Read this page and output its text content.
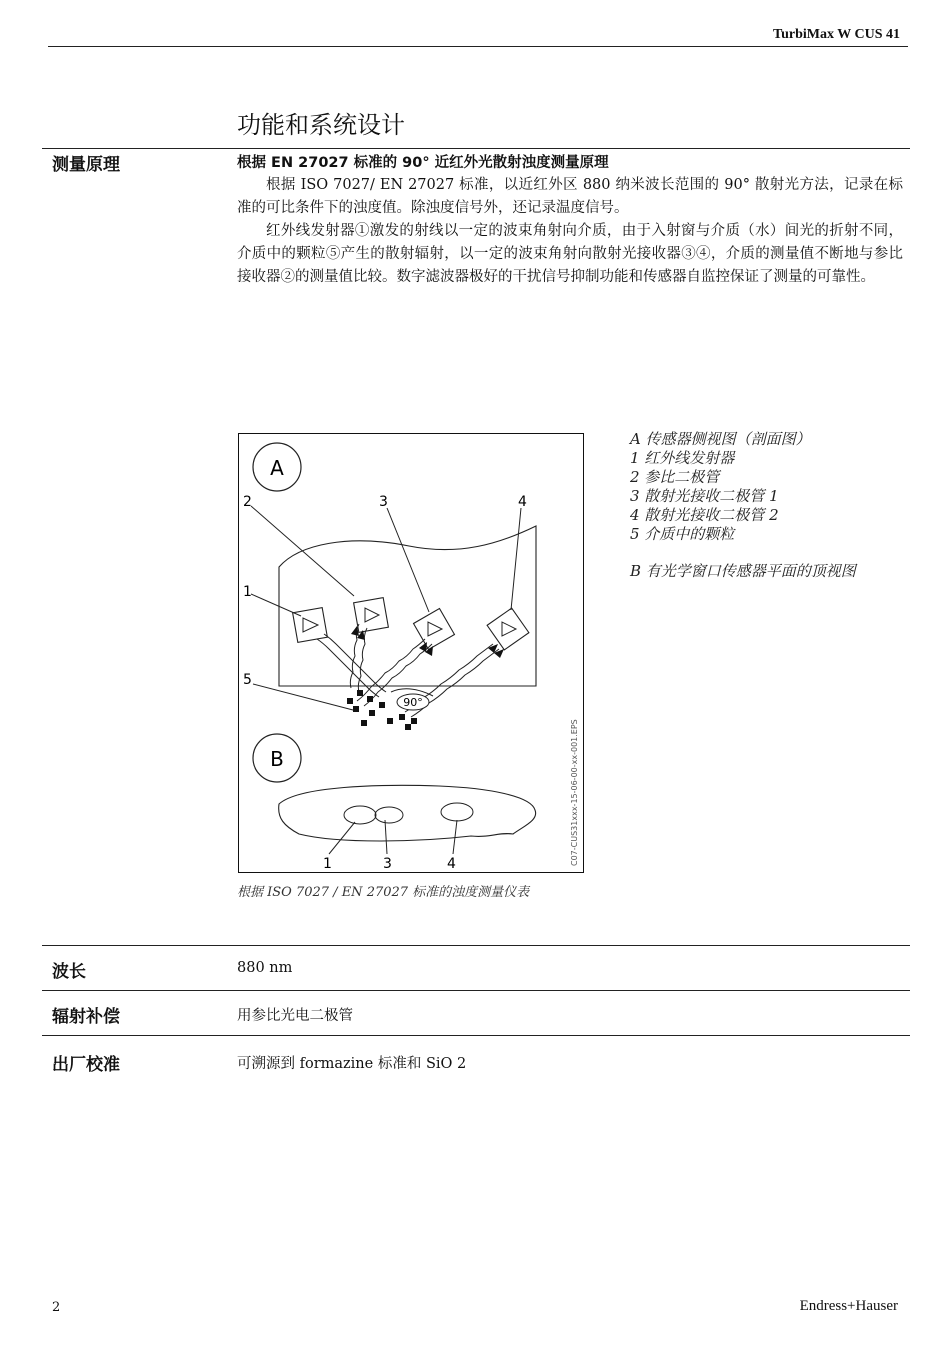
TurbiMax W CUS 41
功能和系统设计
测量原理	根据 EN 27027 标准的 90° 近红外光散射浊度测量原理

根据 ISO 7027/ EN 27027 标准，以近红外区 880 纳米波长范围的 90° 散射光方法，记录在标准的可比条件下的浊度值。除浊度信号外，还记录温度信号。

红外线发射器①激发的射线以一定的波束角射向介质，由于入射窗与介质（水）间光的折射不同，介质中的颗粒⑤产生的散射辐射，以一定的波束角射向散射光接收器③④，介质的测量值不断地与参比接收器②的测量值比较。数字滤波器极好的干扰信号抑制功能和传感器自监控保证了测量的可靠性。

A
B
90°
2	3	4
1
5
1	3	4	C07-CUS31xxx-15-06-00-xx-001.EPS
根据 ISO 7027 / EN 27027 标准的浊度测量仪表
A 传感器侧视图（剖面图）
1 红外线发射器
2 参比二极管
3 散射光接收二极管 1
4 散射光接收二极管 2
5 介质中的颗粒
B 有光学窗口传感器平面的顶视图
波长	880 nm
辐射补偿	用参比光电二极管
出厂校准	可溯源到 formazine 标准和 SiO 2
2	Endress+Hauser
